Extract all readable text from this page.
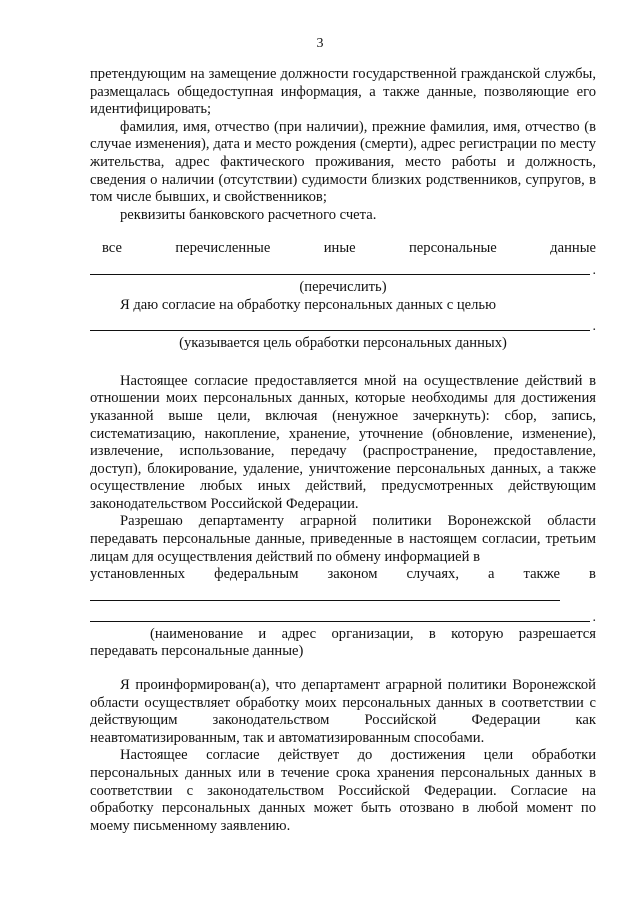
3

претендующим на замещение должности государственной гражданской службы, размещалась общедоступная информация, а также данные, позволяющие его идентифицировать;

фамилия, имя, отчество (при наличии), прежние фамилия, имя, отчество (в случае изменения), дата и место рождения (смерти), адрес регистрации по месту жительства, адрес фактического проживания, место работы и должность, сведения о наличии (отсутствии) судимости близких родственников, супругов, в том числе бывших, и свойственников;

реквизиты банковского расчетного счета.

все	перечисленные	иные	персональные	данные
.
(перечислить)

Я даю согласие на обработку персональных данных с целью

.
(указывается цель обработки персональных данных)

Настоящее согласие предоставляется мной на осуществление действий в отношении моих персональных данных, которые необходимы для достижения указанной выше цели, включая (ненужное зачеркнуть): сбор, запись, систематизацию, накопление, хранение, уточнение (обновление, изменение), извлечение, использование, передачу (распространение, предоставление, доступ), блокирование, удаление, уничтожение персональных данных, а также осуществление любых иных действий, предусмотренных действующим законодательством Российской Федерации.

Разрешаю департаменту аграрной политики Воронежской области передавать персональные данные, приведенные в настоящем согласии, третьим лицам для осуществления действий по обмену информацией в

установленных федеральным законом случаях, а также в
.

(наименование и адрес организации, в которую разрешается передавать персональные данные)

Я проинформирован(а), что департамент аграрной политики Воронежской области осуществляет обработку моих персональных данных в соответствии с действующим законодательством Российской Федерации как неавтоматизированным, так и автоматизированным способами.

Настоящее согласие действует до достижения цели обработки персональных данных или в течение срока хранения персональных данных в соответствии с законодательством Российской Федерации. Согласие на обработку персональных данных может быть отозвано в любой момент по моему письменному заявлению.
